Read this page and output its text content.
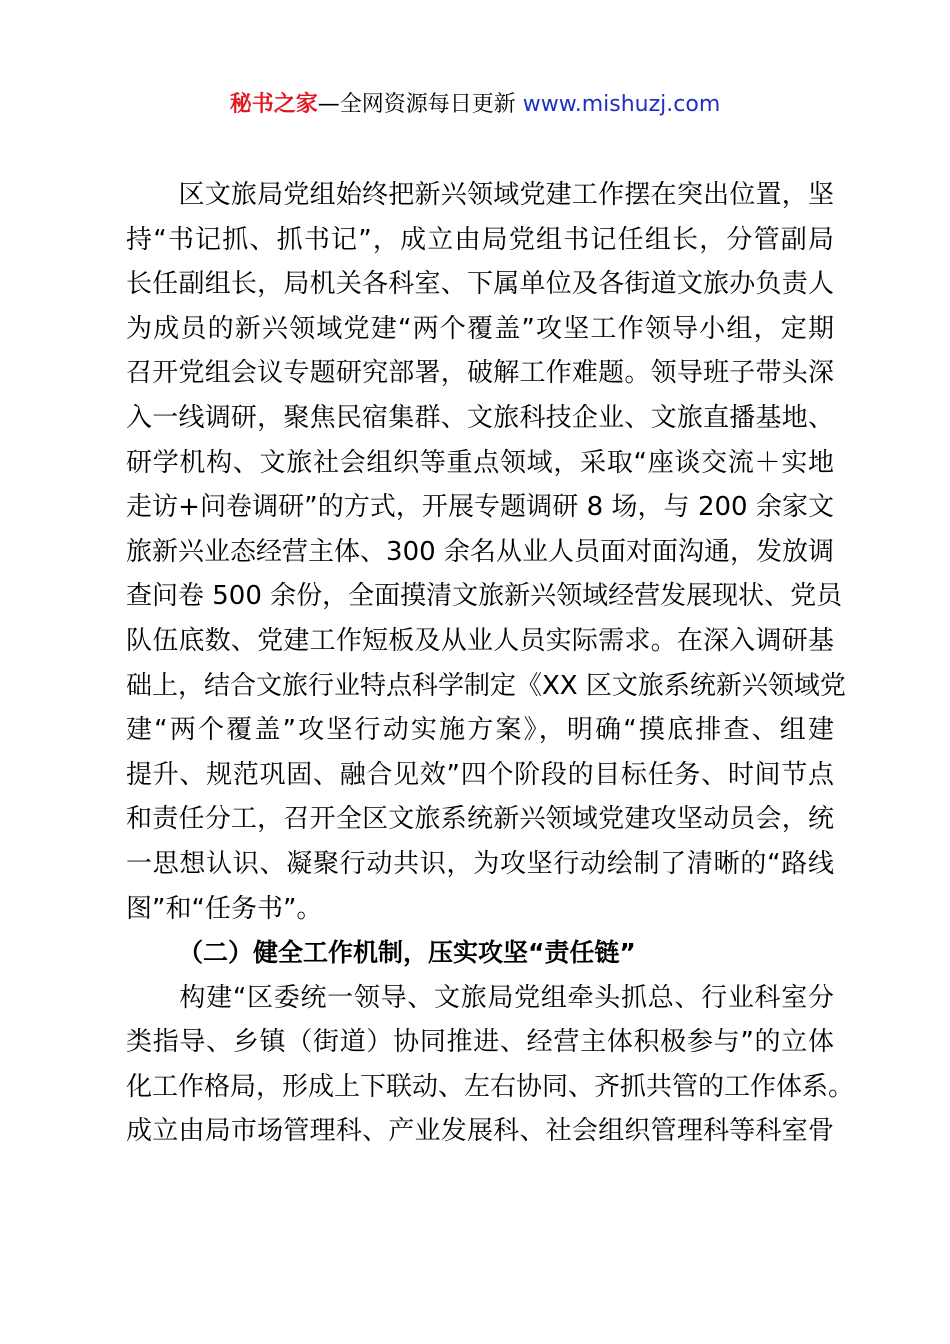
秘书之家—全网资源每日更新 www.mishuzj.com
　　区文旅局党组始终把新兴领域党建工作摆在突出位置，坚
持“书记抓、抓书记”，成立由局党组书记任组长，分管副局
长任副组长，局机关各科室、下属单位及各街道文旅办负责人
为成员的新兴领域党建“两个覆盖”攻坚工作领导小组，定期
召开党组会议专题研究部署，破解工作难题。领导班子带头深
入一线调研，聚焦民宿集群、文旅科技企业、文旅直播基地、
研学机构、文旅社会组织等重点领域，采取“座谈交流＋实地
走访+问卷调研”的方式，开展专题调研 8 场，与 200 余家文
旅新兴业态经营主体、300 余名从业人员面对面沟通，发放调
查问卷 500 余份，全面摸清文旅新兴领域经营发展现状、党员
队伍底数、党建工作短板及从业人员实际需求。在深入调研基
础上，结合文旅行业特点科学制定《XX 区文旅系统新兴领域党
建“两个覆盖”攻坚行动实施方案》，明确“摸底排查、组建
提升、规范巩固、融合见效”四个阶段的目标任务、时间节点
和责任分工，召开全区文旅系统新兴领域党建攻坚动员会，统
一思想认识、凝聚行动共识，为攻坚行动绘制了清晰的“路线
图”和“任务书”。
（二）健全工作机制，压实攻坚“责任链”
　　构建“区委统一领导、文旅局党组牵头抓总、行业科室分
类指导、乡镇（街道）协同推进、经营主体积极参与”的立体
化工作格局，形成上下联动、左右协同、齐抓共管的工作体系。
成立由局市场管理科、产业发展科、社会组织管理科等科室骨
